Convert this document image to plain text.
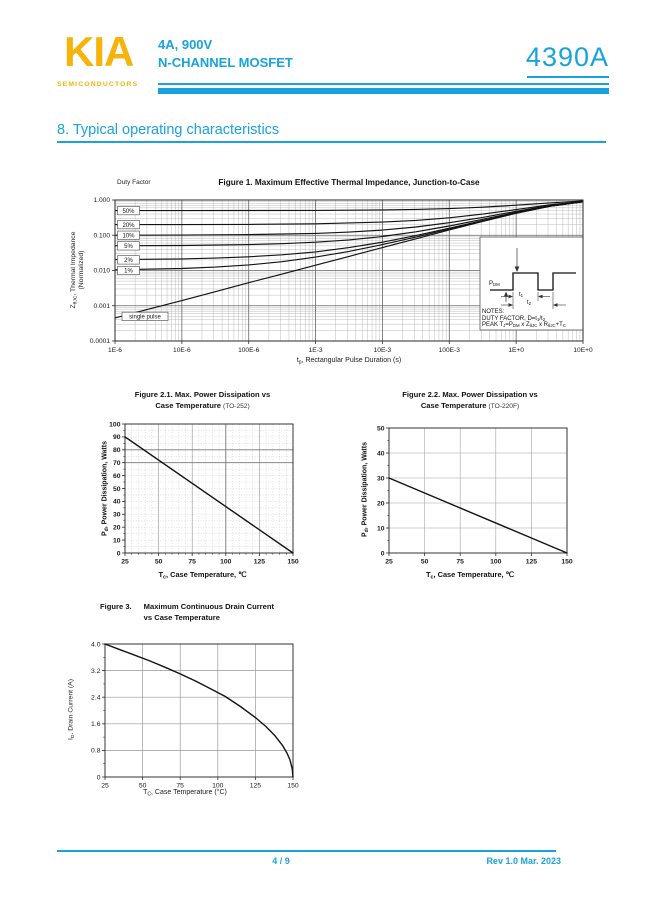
KIA
SEMICONDUCTORS
4A, 900V
N-CHANNEL MOSFET	4390A
8. Typical operating characteristics
Figure 1. Maximum Effective Thermal Impedance, Junction-to-Case
Duty Factor
50%
20%
10%
5%
2%
1%
single pulse
1E-6	10E-6	100E-6	1E-3	10E-3	100E-3	1E+0	10E+0
1.000
0.100
0.010
0.001
0.0001
$Z_{\theta JC}$, Thermal Impedance (Normalized)
$t_p$, Rectangular Pulse Duration (s)
$P_{DM}$
$t_1$
$t_2$
NOTES:
DUTY FACTOR, $D=t_1/t_2$
PEAK $T_J=P_{DM}$ x $Z_{\theta JC}$ x $R_{\theta JC}+T_C$
Figure 2.1. Max. Power Dissipation vs
Case Temperature (TO-252)
25	50	75	100	125	150
0
10
20
30
40
50
60
70
80
90
100
$P_d$, Power Dissipation, Watts
$T_c$, Case Temperature, ℃
Figure 2.2. Max. Power Dissipation vs
Case Temperature (TO-220F)
25	50	75	100	125	150
0
10
20
30
40
50
$P_d$, Power Dissipation, Watts
$T_c$, Case Temperature, ℃
Figure 3. Maximum Continuous Drain Current
vs Case Temperature
25	50	75	100	125	150
0
0.8
1.6
2.4
3.2
4.0
$I_D$, Drain Current (A)
$T_C$, Case Temperature (°C)
4 / 9	Rev 1.0 Mar. 2023
